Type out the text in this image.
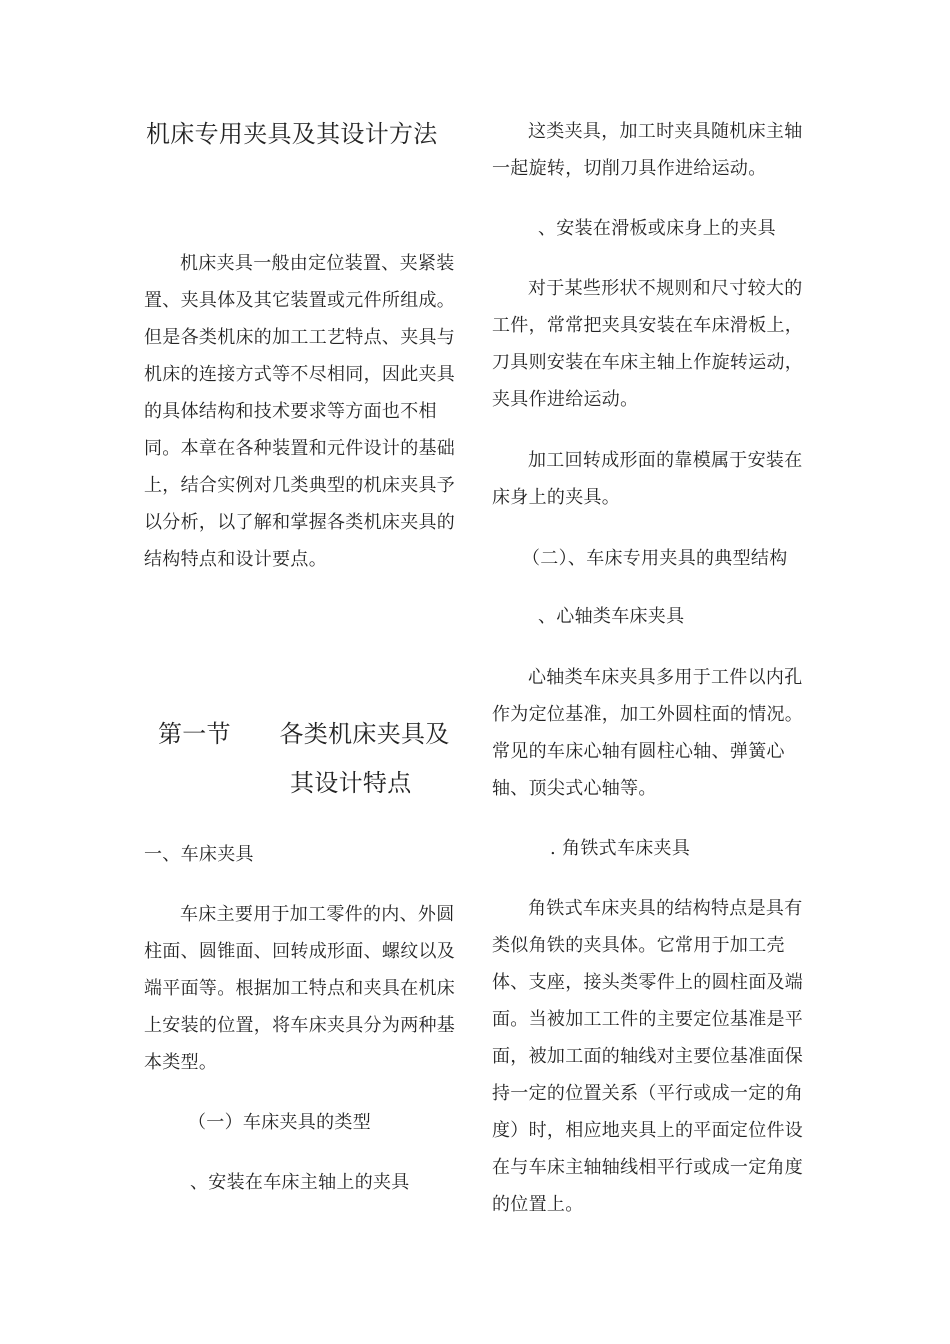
机床专用夹具及其设计方法

机床夹具一般由定位装置、夹紧装置、夹具体及其它装置或元件所组成。但是各类机床的加工工艺特点、夹具与机床的连接方式等不尽相同，因此夹具的具体结构和技术要求等方面也不相同。本章在各种装置和元件设计的基础上，结合实例对几类典型的机床夹具予以分析，以了解和掌握各类机床夹具的结构特点和设计要点。

第一节　　各类机床夹具及

其设计特点

一、车床夹具

车床主要用于加工零件的内、外圆柱面、圆锥面、回转成形面、螺纹以及端平面等。根据加工特点和夹具在机床上安装的位置，将车床夹具分为两种基本类型。

（一）车床夹具的类型

、安装在车床主轴上的夹具

这类夹具，加工时夹具随机床主轴一起旋转，切削刀具作进给运动。

、安装在滑板或床身上的夹具

对于某些形状不规则和尺寸较大的工件，常常把夹具安装在车床滑板上，刀具则安装在车床主轴上作旋转运动，夹具作进给运动。

加工回转成形面的靠模属于安装在床身上的夹具。

（二）、车床专用夹具的典型结构

、心轴类车床夹具

心轴类车床夹具多用于工件以内孔作为定位基准，加工外圆柱面的情况。常见的车床心轴有圆柱心轴、弹簧心轴、顶尖式心轴等。

. 角铁式车床夹具

角铁式车床夹具的结构特点是具有类似角铁的夹具体。它常用于加工壳体、支座，接头类零件上的圆柱面及端面。当被加工工件的主要定位基准是平面，被加工面的轴线对主要位基准面保持一定的位置关系（平行或成一定的角度）时，相应地夹具上的平面定位件设在与车床主轴轴线相平行或成一定角度的位置上。
